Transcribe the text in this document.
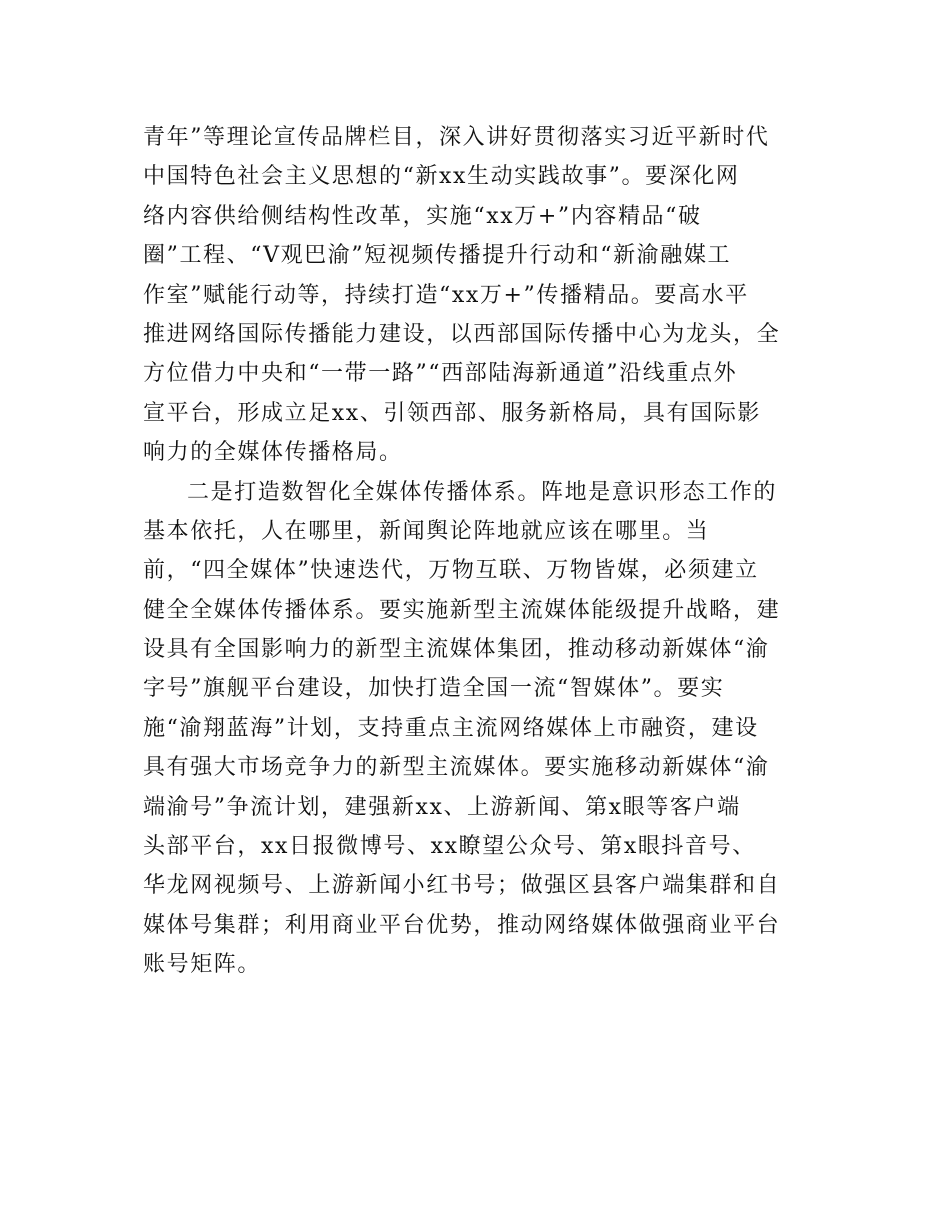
青年”等理论宣传品牌栏目，深入讲好贯彻落实习近平新时代
中国特色社会主义思想的“新xx生动实践故事”。要深化网
络内容供给侧结构性改革，实施“xx万+”内容精品“破
圈”工程、“V观巴渝”短视频传播提升行动和“新渝融媒工
作室”赋能行动等，持续打造“xx万+”传播精品。要高水平
推进网络国际传播能力建设，以西部国际传播中心为龙头，全
方位借力中央和“一带一路”“西部陆海新通道”沿线重点外
宣平台，形成立足xx、引领西部、服务新格局，具有国际影
响力的全媒体传播格局。
二是打造数智化全媒体传播体系。阵地是意识形态工作的
基本依托，人在哪里，新闻舆论阵地就应该在哪里。当
前，“四全媒体”快速迭代，万物互联、万物皆媒，必须建立
健全全媒体传播体系。要实施新型主流媒体能级提升战略，建
设具有全国影响力的新型主流媒体集团，推动移动新媒体“渝
字号”旗舰平台建设，加快打造全国一流“智媒体”。要实
施“渝翔蓝海”计划，支持重点主流网络媒体上市融资，建设
具有强大市场竞争力的新型主流媒体。要实施移动新媒体“渝
端渝号”争流计划，建强新xx、上游新闻、第x眼等客户端
头部平台，xx日报微博号、xx瞭望公众号、第x眼抖音号、
华龙网视频号、上游新闻小红书号；做强区县客户端集群和自
媒体号集群；利用商业平台优势，推动网络媒体做强商业平台
账号矩阵。
